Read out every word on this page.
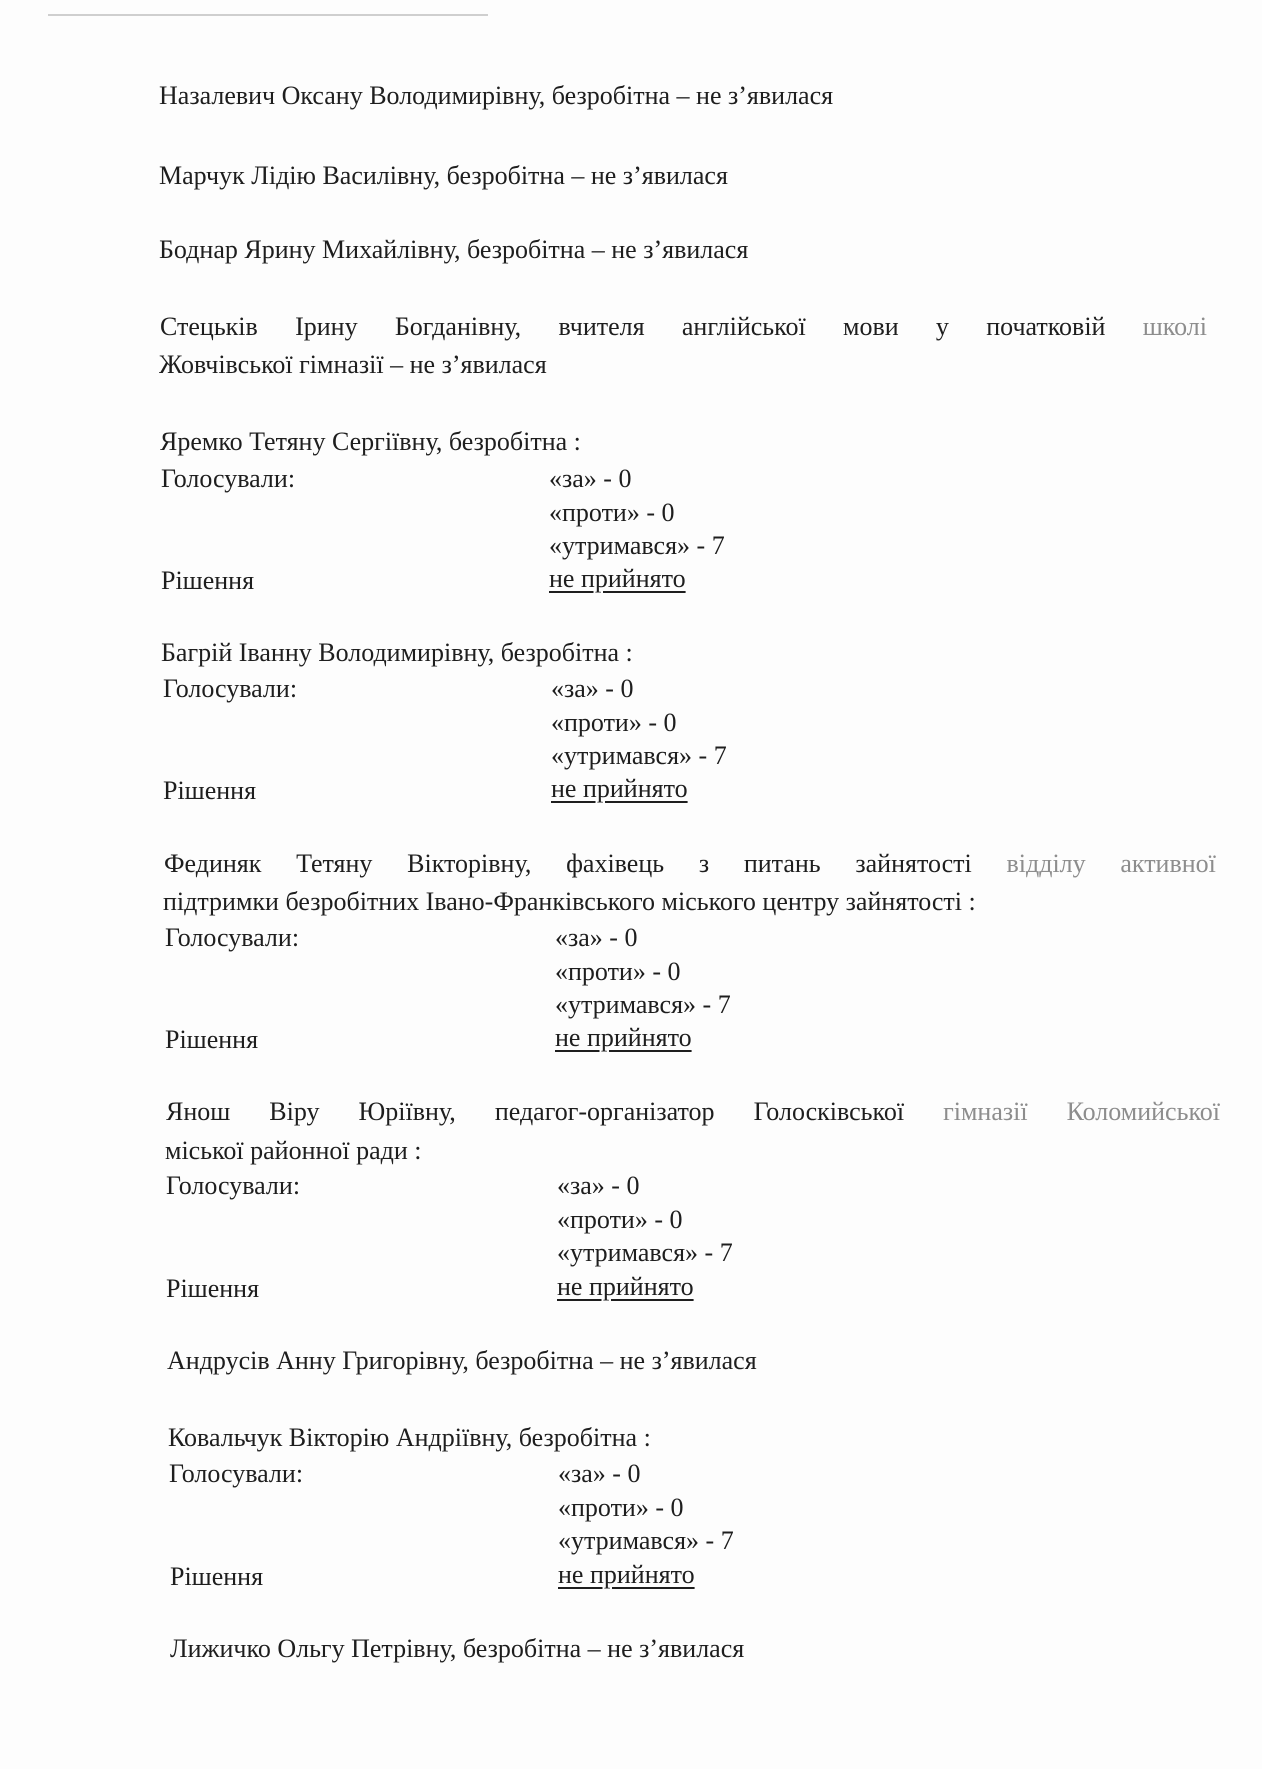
Назалевич Оксану Володимирівну, безробітна – не з’явилася
Марчук Лідію Василівну, безробітна – не з’явилася
Боднар Ярину Михайлівну, безробітна – не з’явилася
Стецьків Ірину Богданівну, вчителя англійської мови у початковій школі
Жовчівської гімназії – не з’явилася
Яремко Тетяну Сергіївну, безробітна :
Голосували:	«за» - 0
«проти» - 0
«утримався» - 7
Рішення	не прийнято
Багрій Іванну Володимирівну, безробітна :
Голосували:	«за» - 0
«проти» - 0
«утримався» - 7
Рішення	не прийнято
Фединяк Тетяну Вікторівну, фахівець з питань зайнятості відділу активної
підтримки безробітних Івано-Франківського міського центру зайнятості :
Голосували:	«за» - 0
«проти» - 0
«утримався» - 7
Рішення	не прийнято
Янош Віру Юріївну, педагог-організатор Голосківської гімназії Коломийської
міської районної ради :
Голосували:	«за» - 0
«проти» - 0
«утримався» - 7
Рішення	не прийнято
Андрусів Анну Григорівну, безробітна – не з’явилася
Ковальчук Вікторію Андріївну, безробітна :
Голосували:	«за» - 0
«проти» - 0
«утримався» - 7
Рішення	не прийнято
Лижичко Ольгу Петрівну, безробітна – не з’явилася
